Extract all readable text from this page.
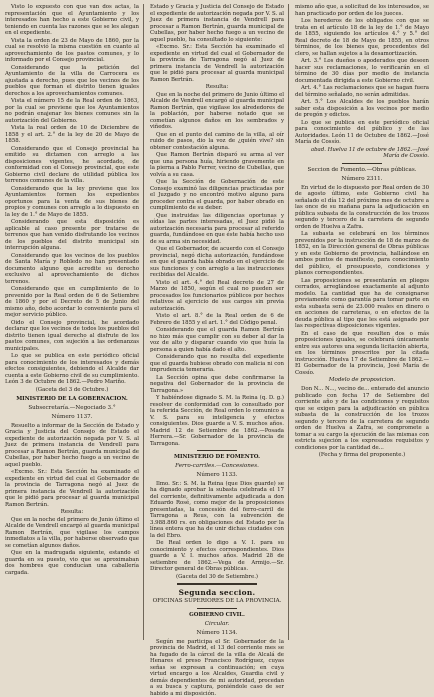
Visto lo expuesto con que van dos actas, la representación que el Ayuntamiento y los interesados han hecho a este Gobierno civil, y teniendo en cuenta las razones que se les alegan en el expediente.

Vista la orden de 23 de Mayo de 1860, por la cual se resolvió la misma cuestión en cuanto al aprovechamiento de los pastos comunes, y lo informado por el Consejo provincial.

Considerando que la petición del Ayuntamiento de la villa de Carrocera es ajustada a derecho, pues que los vecinos de los pueblos que forman el distrito tienen iguales derechos a los aprovechamientos comunes.

Vista el número 15 de la Real orden de 1863, por la cual se previene que los Ayuntamientos no podrán enajenar los bienes comunes sin la autorización del Gobierno.

Vista la real orden de 10 de Diciembre de 1858 y el art. 2.° de la ley de 20 de Mayo de 1858.

Considerando que el Consejo provincial ha emitido su dictamen con arreglo a las disposiciones vigentes, he acordado, de conformidad con el Consejo provincial, que este Gobierno civil declare de utilidad pública los terrenos comunes de la villa.

Considerando que la ley previene que los Ayuntamientos formen los expedientes oportunos para la venta de sus bienes de propios y comunes con arreglo a lo dispuesto en la ley de 1.° de Mayo de 1855.

Considerando que esta disposición es aplicable al caso presente por tratarse de terrenos que han venido disfrutando los vecinos de los pueblos del distrito municipal sin interrupción alguna.

Considerando que los vecinos de los pueblos de Santa María y Robledo no han presentado documento alguno que acredite su derecho exclusivo al aprovechamiento de dichos terrenos.

Considerando que en cumplimiento de lo prevenido por la Real orden de 6 de Setiembre de 1860 y por el Decreto de 5 de Junio del mismo año, debo acordar lo conveniente para el mejor servicio público.

Oido el Consejo provincial, he acordado declarar que los vecinos de todos los pueblos del distrito tienen igual derecho al disfrute de los pastos comunes, con sujeción a las ordenanzas municipales.

Lo que se publica en este periódico oficial para conocimiento de los interesados y demás efectos consiguientes, debiendo el Alcalde dar cuenta a este Gobierno civil de su cumplimiento. León 3 de Octubre de 1862.—Pedro Mariño.

(Gaceta del 3 de Octubre.)

MINISTERIO DE LA GOBERNACION.
Subsecretaría.—Negociado 3.°
Número 1137.

Resuelto a informar de la Sección de Estado y Gracia y Justicia del Consejo de Estado el expediente de autorización negada por V. S. al Juez de primera instancia de Vendrell para procesar a Ramon Bertrán, guarda municipal de Cubellas, por haber hecho fuego a un vecino de aquel pueblo.

«Excmo. Sr.: Esta Sección ha examinado el expediente en virtud del cual el Gobernador de la provincia de Tarragona negó al Juez de primera instancia de Vendrell la autorización que le pidió para procesar al guarda municipal Ramon Bertrán.

Resulta:

Que en la noche del primero de Junio último el Alcalde de Vendrell encargó al guarda municipal Ramon Bertrán, que vigilase los campos inmediatos a la villa, por haberse observado que se cometían algunos daños.

Que en la madrugada siguiente, estando el guarda en su puesto, vio que se aproximaban dos hombres que conducían una caballería cargada.

Estado y Gracia y Justicia del Consejo de Estado el expediente de autorización negada por V. S. al Juez de primera instancia de Vendrell para procesar a Ramon Bertrán, guarda municipal de Cubellas, por haber hecho fuego a un vecino de aquel pueblo, ha consultado lo siguiente:

«Excmo. Sr.: Esta Sección ha examinado el expediente en virtud del cual el Gobernador de la provincia de Tarragona negó al Juez de primera instancia de Vendrell la autorización que le pidió para procesar al guarda municipal Ramon Bertrán.

Resulta:

Que en la noche del primero de Junio último el Alcalde de Vendrell encargó al guarda municipal Ramon Bertrán, que vigilase los alrededores de la población, por haberse notado que se cometían algunos daños en los sembrados y viñedos.

Que en el punto del camino de la villa, al oír ruido de pasos, dio la voz de ¿quién vive? sin obtener contestación alguna.

Que Ramon Bertrán disparó su arma al ver que una persona huía, hiriendo gravemente en la pierna a Pablo Ferrer, vecino de Cubellas, que volvía a su casa.

Que la Sección de Gobernación de este Consejo examinó las diligencias practicadas por el Juzgado y no encontró motivo alguno para proceder contra el guarda, por haber obrado en cumplimiento de su deber.

Que instruidas las diligencias oportunas y oídas las partes interesadas, el Juez pidió la autorización necesaria para procesar al referido guarda, fundándose en que éste había hecho uso de su arma sin necesidad.

Que el Gobernador, de acuerdo con el Consejo provincial, negó dicha autorización, fundándose en que el guarda había obrado en el ejercicio de sus funciones y con arreglo a las instrucciones recibidas del Alcalde.

Visto el art. 4.° del Real decreto de 27 de Marzo de 1850, según el cual no pueden ser procesados los funcionarios públicos por hechos relativos al ejercicio de sus cargos sin previa autorización.

Visto el art. 8.° de la Real orden de 6 de Febrero de 1855 y el art. 1.° del Código penal.

Considerando que el guarda Ramon Bertrán no hizo más que cumplir con su deber al dar la voz de alto y disparar cuando vio que huía la persona a quien había dado el alto.

Considerando que no resulta del expediente que el guarda hubiese obrado con malicia ni con imprudencia temeraria.

La Sección opina que debe confirmarse la negativa del Gobernador de la provincia de Tarragona.»

Y habiéndose dignado S. M. la Reina (q. D. g.) resolver de conformidad con lo consultado por la referida Sección, de Real orden lo comunico a V. S. para su inteligencia y efectos consiguientes. Dios guarde a V. S. muchos años. Madrid 12 de Setiembre de 1862.—Posada Herrera.—Sr. Gobernador de la provincia de Tarragona.

MINISTERIO DE FOMENTO.
Ferro-carriles.—Concesiones.
Número 1133.

Ilmo. Sr.: S. M. la Reina (que Dios guarde) se ha dignado aprobar la subasta celebrada el 17 del corriente, definitivamente adjudicada a don Eduardo Rosé, como mejor de la proposiciones presentadas, la concesión del ferro-carril de Tarragona a Reus, con la subvención de 3.988.860 rs. en obligaciones del Estado por la línea entera que ha de unir dichas ciudades con la del Ebro.

De Real orden lo digo a V. I. para su conocimiento y efectos correspondientes. Dios guarde a V. I. muchos años. Madrid 28 de setiembre de 1862.—Vega de Armijo.—Sr. Director general de Obras públicas.

(Gaceta del 30 de Setiembre.)

Segunda seccion.
OFICINAS SUPERIORES DE LA PROVINCIA.
GOBIERNO CIVIL.
Circular.
Número 1134.

Según me participa el Sr. Gobernador de la provincia de Madrid, el 13 del corriente mes se ha fugado de la cárcel de la villa de Alcalá de Henares el preso Francisco Rodríguez, cuyas señas se expresan a continuación; en cuya virtud encargo a los Alcaldes, Guardia civil y demás dependientes de mi autoridad, procedan a su busca y captura, poniéndole caso de ser habido a mi disposición.

mismo año que, a solicitud de los interesados, se han practicado por orden de los jueces.

Los herederos de los obligados con que se trata en el artículo 18 de la ley de 1.° de Mayo de 1855, siguiendo los artículos 4.° y 5.° del Real decreto de 18 de Mayo de 1855, en otros términos, de los bienes que, procedentes del clero, se hallan sujetos a la desamortización.

Art. 3.° Los dueños o apoderados que deseen hacer sus reclamaciones, lo verificarán en el término de 30 días por medio de instancia documentada dirigida a este Gobierno civil.

Art. 4.° Las reclamaciones que se hagan fuera del término señalado, no serán admitidas.

Art. 5.° Los Alcaldes de los pueblos harán saber esta disposición a los vecinos por medio de pregón y edictos.

Lo que se publica en este periódico oficial para conocimiento del público y de las Autoridades. León 11 de Octubre de 1862.—José María de Cossío.

abad. Huelva 11 de octubre de 1862.—José María de Cossío.

Seccion de Fomento.—Obras públicas.
Número 2311.

En virtud de lo dispuesto por Real orden de 30 de agosto último, este Gobierno civil ha señalado el día 12 del próximo mes de octubre a las once de su mañana para la adjudicación en pública subasta de la construcción de los trozos segundo y tercero de la carretera de segundo orden de Huelva a Zafra.

La subasta se celebrará en los términos prevenidos por la instrucción de 18 de marzo de 1852, en la Dirección general de Obras públicas y en este Gobierno de provincia, hallándose en ambos puntos de manifiesto, para conocimiento del público, el presupuesto, condiciones y planos correspondientes.

Las proposiciones se presentarán en pliegos cerrados, arreglándose exactamente al adjunto modelo. La cantidad que ha de consignarse previamente como garantía para tomar parte en esta subasta será de 23.000 reales en dinero o en acciones de carreteras, o en efectos de la deuda pública al tipo que les está asignado por las respectivas disposiciones vigentes.

En el caso de que resulten dos o más proposiciones iguales, se celebrará únicamente entre sus autores una segunda licitación abierta, en los términos prescritos por la citada instrucción. Huelva 17 de Setiembre de 1862.—El Gobernador de la provincia, José María de Cossío.

Modelo de proposicion.

Don N... N..., vecino de... enterado del anuncio publicado con fecha 17 de Setiembre del corriente año y de las condiciones y requisitos que se exigen para la adjudicación en pública subasta de la construcción de los trozos segundo y tercero de la carretera de segundo orden de Huelva a Zafra, se compromete a tomar a su cargo la ejecución de las mismas con estricta sujeción a los expresados requisitos y condiciones por la cantidad de...

(Fecha y firma del proponente.)
